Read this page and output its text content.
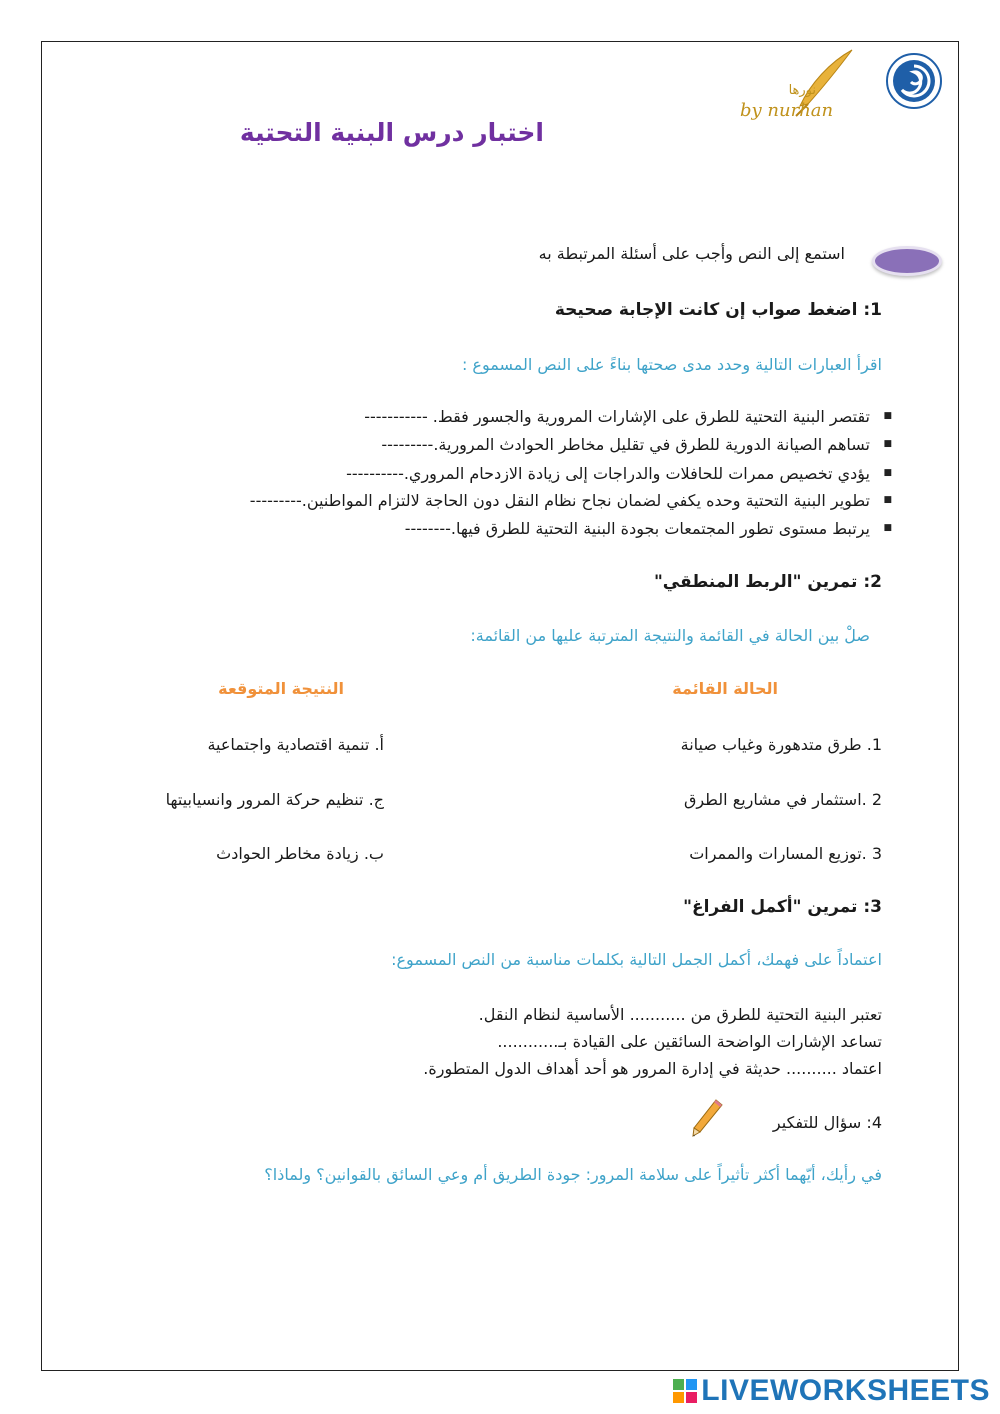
by nurhan
نورها
اختبار درس البنية التحتية
استمع إلى النص وأجب على أسئلة المرتبطة به
1: اضغط صواب إن كانت الإجابة صحيحة
اقرأ العبارات التالية وحدد مدى صحتها بناءً على النص المسموع :
■ تقتصر البنية التحتية للطرق على الإشارات المرورية والجسور فقط. -----------
■ تساهم الصيانة الدورية للطرق في تقليل مخاطر الحوادث المرورية.---------
■ يؤدي تخصيص ممرات للحافلات والدراجات إلى زيادة الازدحام المروري.----------
■ تطوير البنية التحتية وحده يكفي لضمان نجاح نظام النقل دون الحاجة لالتزام المواطنين.---------
■ يرتبط مستوى تطور المجتمعات بجودة البنية التحتية للطرق فيها.--------
2: تمرين "الربط المنطقي"
صلْ بين الحالة في القائمة والنتيجة المترتبة عليها من القائمة:
الحالة القائمة
النتيجة المتوقعة
1. طرق متدهورة وغياب صيانة
أ. تنمية اقتصادية واجتماعية
2 .استثمار في مشاريع الطرق
ج. تنظيم حركة المرور وانسيابيتها
3 .توزيع المسارات والممرات
ب. زيادة مخاطر الحوادث
3: تمرين "أكمل الفراغ"
اعتماداً على فهمك، أكمل الجمل التالية بكلمات مناسبة من النص المسموع:
تعتبر البنية التحتية للطرق من ........... الأساسية لنظام النقل.
تساعد الإشارات الواضحة السائقين على القيادة بـ............
اعتماد .......... حديثة في إدارة المرور هو أحد أهداف الدول المتطورة.
4: سؤال للتفكير
في رأيك، أيّهما أكثر تأثيراً على سلامة المرور: جودة الطريق أم وعي السائق بالقوانين؟ ولماذا؟
LIVEWORKSHEETS
